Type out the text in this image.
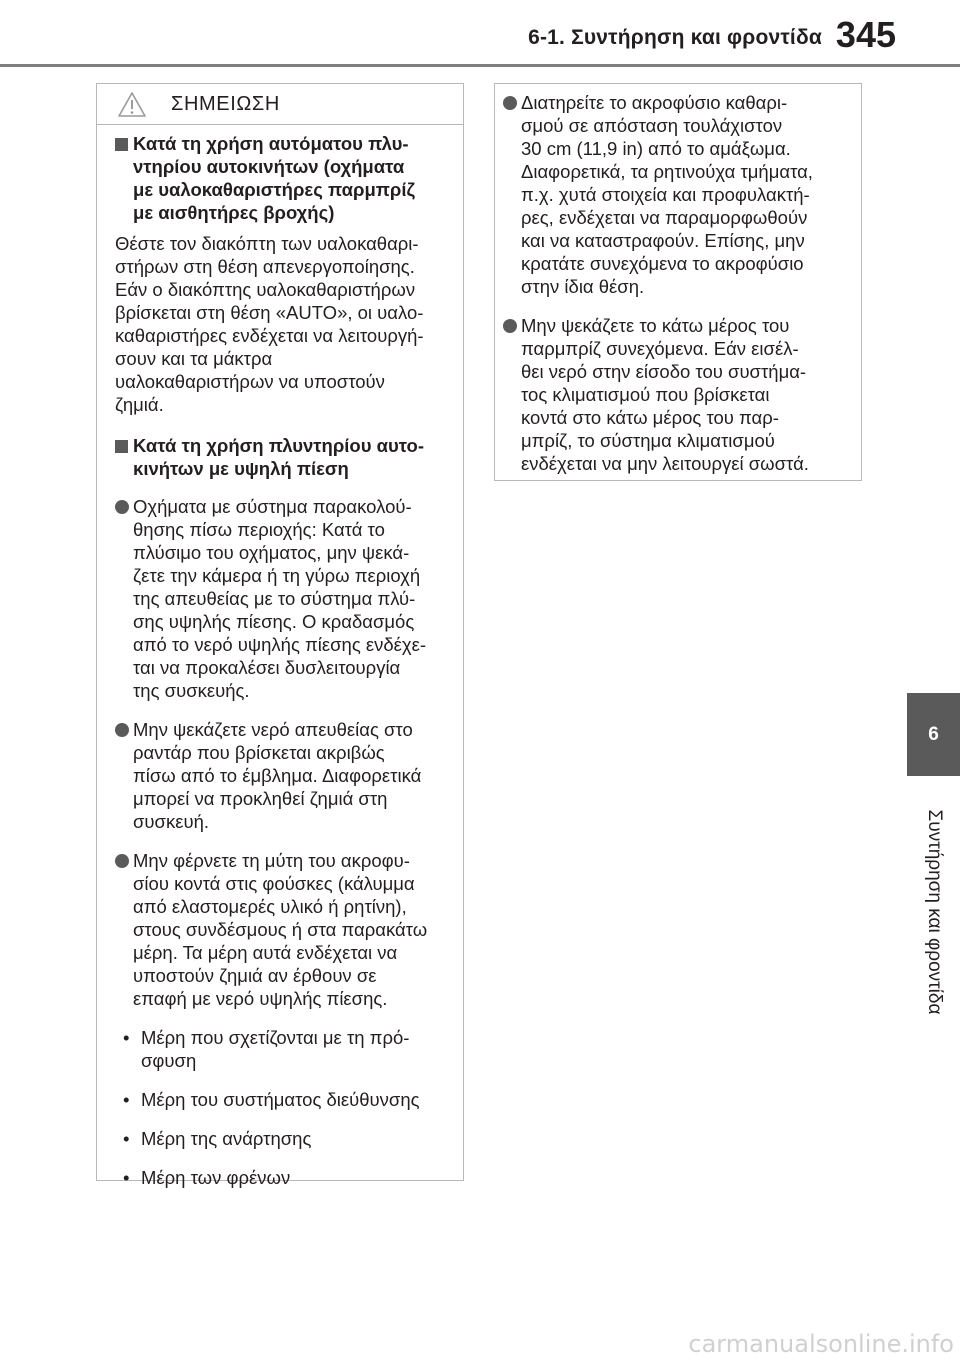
6-1. Συντήρηση και φροντίδα 345
6
Συντήρηση και φροντίδα
ΣΗΜΕΙΩΣΗ
Κατά τη χρήση αυτόματου πλυ-
ντηρίου αυτοκινήτων (οχήματα
με υαλοκαθαριστήρες παρμπρίζ
με αισθητήρες βροχής)
Θέστε τον διακόπτη των υαλοκαθαρι-
στήρων στη θέση απενεργοποίησης.
Εάν ο διακόπτης υαλοκαθαριστήρων
βρίσκεται στη θέση «AUTO», οι υαλο-
καθαριστήρες ενδέχεται να λειτουργή-
σουν και τα μάκτρα
υαλοκαθαριστήρων να υποστούν
ζημιά.
Κατά τη χρήση πλυντηρίου αυτο-
κινήτων με υψηλή πίεση
Οχήματα με σύστημα παρακολού-
θησης πίσω περιοχής: Κατά το
πλύσιμο του οχήματος, μην ψεκά-
ζετε την κάμερα ή τη γύρω περιοχή
της απευθείας με το σύστημα πλύ-
σης υψηλής πίεσης. Ο κραδασμός
από το νερό υψηλής πίεσης ενδέχε-
ται να προκαλέσει δυσλειτουργία
της συσκευής.
Μην ψεκάζετε νερό απευθείας στο
ραντάρ που βρίσκεται ακριβώς
πίσω από το έμβλημα. Διαφορετικά
μπορεί να προκληθεί ζημιά στη
συσκευή.
Μην φέρνετε τη μύτη του ακροφυ-
σίου κοντά στις φούσκες (κάλυμμα
από ελαστομερές υλικό ή ρητίνη),
στους συνδέσμους ή στα παρακάτω
μέρη. Τα μέρη αυτά ενδέχεται να
υποστούν ζημιά αν έρθουν σε
επαφή με νερό υψηλής πίεσης.
• Μέρη που σχετίζονται με τη πρό-
σφυση
• Μέρη του συστήματος διεύθυνσης
• Μέρη της ανάρτησης
• Μέρη των φρένων
Διατηρείτε το ακροφύσιο καθαρι-
σμού σε απόσταση τουλάχιστον
30 cm (11,9 in) από το αμάξωμα.
Διαφορετικά, τα ρητινούχα τμήματα,
π.χ. χυτά στοιχεία και προφυλακτή-
ρες, ενδέχεται να παραμορφωθούν
και να καταστραφούν. Επίσης, μην
κρατάτε συνεχόμενα το ακροφύσιο
στην ίδια θέση.
Μην ψεκάζετε το κάτω μέρος του
παρμπρίζ συνεχόμενα. Εάν εισέλ-
θει νερό στην είσοδο του συστήμα-
τος κλιματισμού που βρίσκεται
κοντά στο κάτω μέρος του παρ-
μπρίζ, το σύστημα κλιματισμού
ενδέχεται να μην λειτουργεί σωστά.
carmanualsonline.info
